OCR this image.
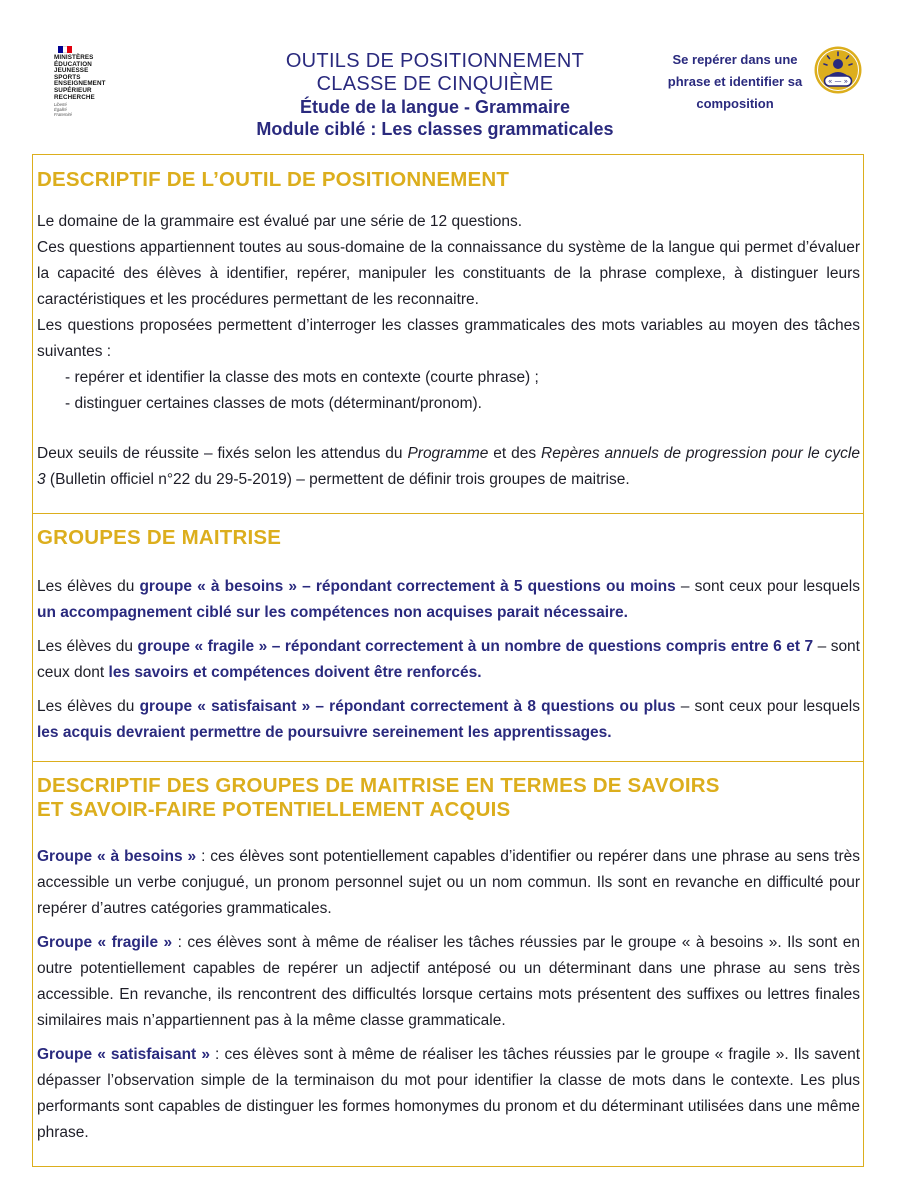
MINISTÈRES
ÉDUCATION
JEUNESSE
SPORTS
ENSEIGNEMENT
SUPÉRIEUR
RECHERCHE
Liberté
Égalité
Fraternité
OUTILS DE POSITIONNEMENT
CLASSE DE CINQUIÈME
Étude de la langue - Grammaire
Module ciblé : Les classes grammaticales
Se repérer dans une
phrase et identifier sa
composition
« — »
DESCRIPTIF DE L’OUTIL DE POSITIONNEMENT
Le domaine de la grammaire est évalué par une série de 12 questions.
Ces questions appartiennent toutes au sous-domaine de la connaissance du système de la langue qui permet d’évaluer la capacité des élèves à identifier, repérer, manipuler les constituants de la phrase complexe, à distinguer leurs caractéristiques et les procédures permettant de les reconnaitre.
Les questions proposées permettent d’interroger les classes grammaticales des mots variables au moyen des tâches suivantes :
- repérer et identifier la classe des mots en contexte (courte phrase) ;
- distinguer certaines classes de mots (déterminant/pronom).
Deux seuils de réussite – fixés selon les attendus du Programme et des Repères annuels de progression pour le cycle 3 (Bulletin officiel n°22 du 29-5-2019) – permettent de définir trois groupes de maitrise.
GROUPES DE MAITRISE
Les élèves du groupe « à besoins » – répondant correctement à 5 questions ou moins – sont ceux pour lesquels un accompagnement ciblé sur les compétences non acquises parait nécessaire.
Les élèves du groupe « fragile » – répondant correctement à un nombre de questions compris entre 6 et 7 – sont ceux dont les savoirs et compétences doivent être renforcés.
Les élèves du groupe « satisfaisant » – répondant correctement à 8 questions ou plus – sont ceux pour lesquels les acquis devraient permettre de poursuivre sereinement les apprentissages.
DESCRIPTIF DES GROUPES DE MAITRISE EN TERMES DE SAVOIRS
ET SAVOIR-FAIRE POTENTIELLEMENT ACQUIS
Groupe « à besoins » : ces élèves sont potentiellement capables d’identifier ou repérer dans une phrase au sens très accessible un verbe conjugué, un pronom personnel sujet ou un nom commun. Ils sont en revanche en difficulté pour repérer d’autres catégories grammaticales.
Groupe « fragile » : ces élèves sont à même de réaliser les tâches réussies par le groupe « à besoins ». Ils sont en outre potentiellement capables de repérer un adjectif antéposé ou un déterminant dans une phrase au sens très accessible. En revanche, ils rencontrent des difficultés lorsque certains mots présentent des suffixes ou lettres finales similaires mais n’appartiennent pas à la même classe grammaticale.
Groupe « satisfaisant » : ces élèves sont à même de réaliser les tâches réussies par le groupe « fragile ». Ils savent dépasser l’observation simple de la terminaison du mot pour identifier la classe de mots dans le contexte. Les plus performants sont capables de distinguer les formes homonymes du pronom et du déterminant utilisées dans une même phrase.
